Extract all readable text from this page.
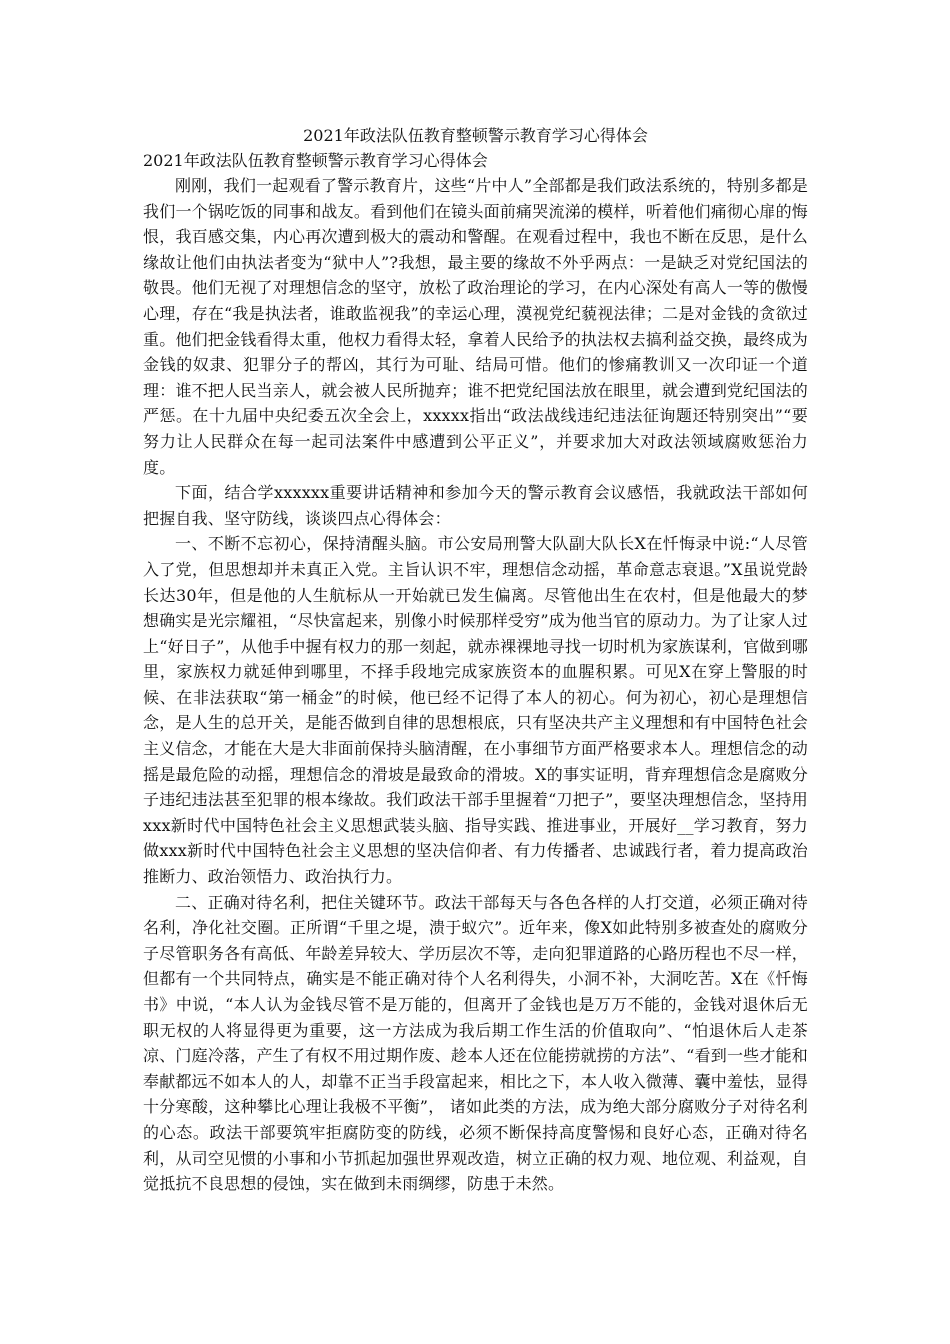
2021年政法队伍教育整顿警示教育学习心得体会
2021年政法队伍教育整顿警示教育学习心得体会

刚刚，我们一起观看了警示教育片，这些“片中人”全部都是我们政法系统的，特别多都是我们一个锅吃饭的同事和战友。看到他们在镜头面前痛哭流涕的模样，听着他们痛彻心扉的悔恨，我百感交集，内心再次遭到极大的震动和警醒。在观看过程中，我也不断在反思，是什么缘故让他们由执法者变为“狱中人”?我想，最主要的缘故不外乎两点：一是缺乏对党纪国法的敬畏。他们无视了对理想信念的坚守，放松了政治理论的学习，在内心深处有高人一等的傲慢心理，存在“我是执法者，谁敢监视我”的幸运心理，漠视党纪藐视法律；二是对金钱的贪欲过重。他们把金钱看得太重，他权力看得太轻，拿着人民给予的执法权去搞利益交换，最终成为金钱的奴隶、犯罪分子的帮凶，其行为可耻、结局可惜。他们的惨痛教训又一次印证一个道理：谁不把人民当亲人，就会被人民所抛弃；谁不把党纪国法放在眼里，就会遭到党纪国法的严惩。在十九届中央纪委五次全会上，xxxxx指出“政法战线违纪违法征询题还特别突出”“要努力让人民群众在每一起司法案件中感遭到公平正义”，并要求加大对政法领域腐败惩治力度。

下面，结合学xxxxxx重要讲话精神和参加今天的警示教育会议感悟，我就政法干部如何把握自我、坚守防线，谈谈四点心得体会：

一、不断不忘初心，保持清醒头脑。市公安局刑警大队副大队长X在忏悔录中说:“人尽管入了党，但思想却并未真正入党。主旨认识不牢，理想信念动摇，革命意志衰退。”X虽说党龄长达30年，但是他的人生航标从一开始就已发生偏离。尽管他出生在农村，但是他最大的梦想确实是光宗耀祖，“尽快富起来，别像小时候那样受穷”成为他当官的原动力。为了让家人过上“好日子”，从他手中握有权力的那一刻起，就赤裸裸地寻找一切时机为家族谋利，官做到哪里，家族权力就延伸到哪里，不择手段地完成家族资本的血腥积累。可见X在穿上警服的时候、在非法获取“第一桶金”的时候，他已经不记得了本人的初心。何为初心，初心是理想信念，是人生的总开关，是能否做到自律的思想根底，只有坚决共产主义理想和有中国特色社会主义信念，才能在大是大非面前保持头脑清醒，在小事细节方面严格要求本人。理想信念的动摇是最危险的动摇，理想信念的滑坡是最致命的滑坡。X的事实证明，背弃理想信念是腐败分子违纪违法甚至犯罪的根本缘故。我们政法干部手里握着“刀把子”，要坚决理想信念，坚持用xxx新时代中国特色社会主义思想武装头脑、指导实践、推进事业，开展好__学习教育，努力做xxx新时代中国特色社会主义思想的坚决信仰者、有力传播者、忠诚践行者，着力提高政治推断力、政治领悟力、政治执行力。

二、正确对待名利，把住关键环节。政法干部每天与各色各样的人打交道，必须正确对待名利，净化社交圈。正所谓“千里之堤，溃于蚁穴”。近年来，像X如此特别多被查处的腐败分子尽管职务各有高低、年龄差异较大、学历层次不等，走向犯罪道路的心路历程也不尽一样，但都有一个共同特点，确实是不能正确对待个人名利得失，小洞不补，大洞吃苦。X在《忏悔书》中说，“本人认为金钱尽管不是万能的，但离开了金钱也是万万不能的，金钱对退休后无职无权的人将显得更为重要，这一方法成为我后期工作生活的价值取向”、“怕退休后人走茶凉、门庭冷落，产生了有权不用过期作废、趁本人还在位能捞就捞的方法”、“看到一些才能和奉献都远不如本人的人，却靠不正当手段富起来，相比之下，本人收入微薄、囊中羞怯，显得十分寒酸，这种攀比心理让我极不平衡”， 诸如此类的方法，成为绝大部分腐败分子对待名利的心态。政法干部要筑牢拒腐防变的防线，必须不断保持高度警惕和良好心态，正确对待名利，从司空见惯的小事和小节抓起加强世界观改造，树立正确的权力观、地位观、利益观，自觉抵抗不良思想的侵蚀，实在做到未雨绸缪，防患于未然。
